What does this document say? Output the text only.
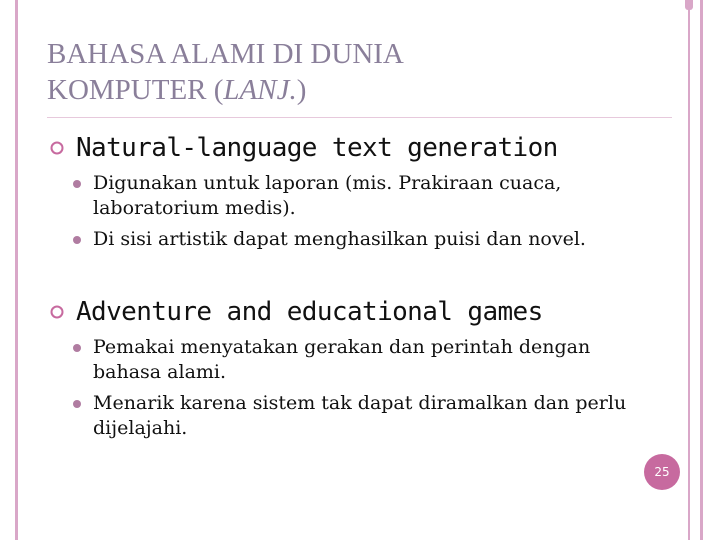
BAHASA ALAMI DI DUNIA
KOMPUTER (LANJ.)
Natural-language text generation
Digunakan untuk laporan (mis. Prakiraan cuaca, laboratorium medis).
Di sisi artistik dapat menghasilkan puisi dan novel.
Adventure and educational games
Pemakai menyatakan gerakan dan perintah dengan bahasa alami.
Menarik karena sistem tak dapat diramalkan dan perlu dijelajahi.
25
